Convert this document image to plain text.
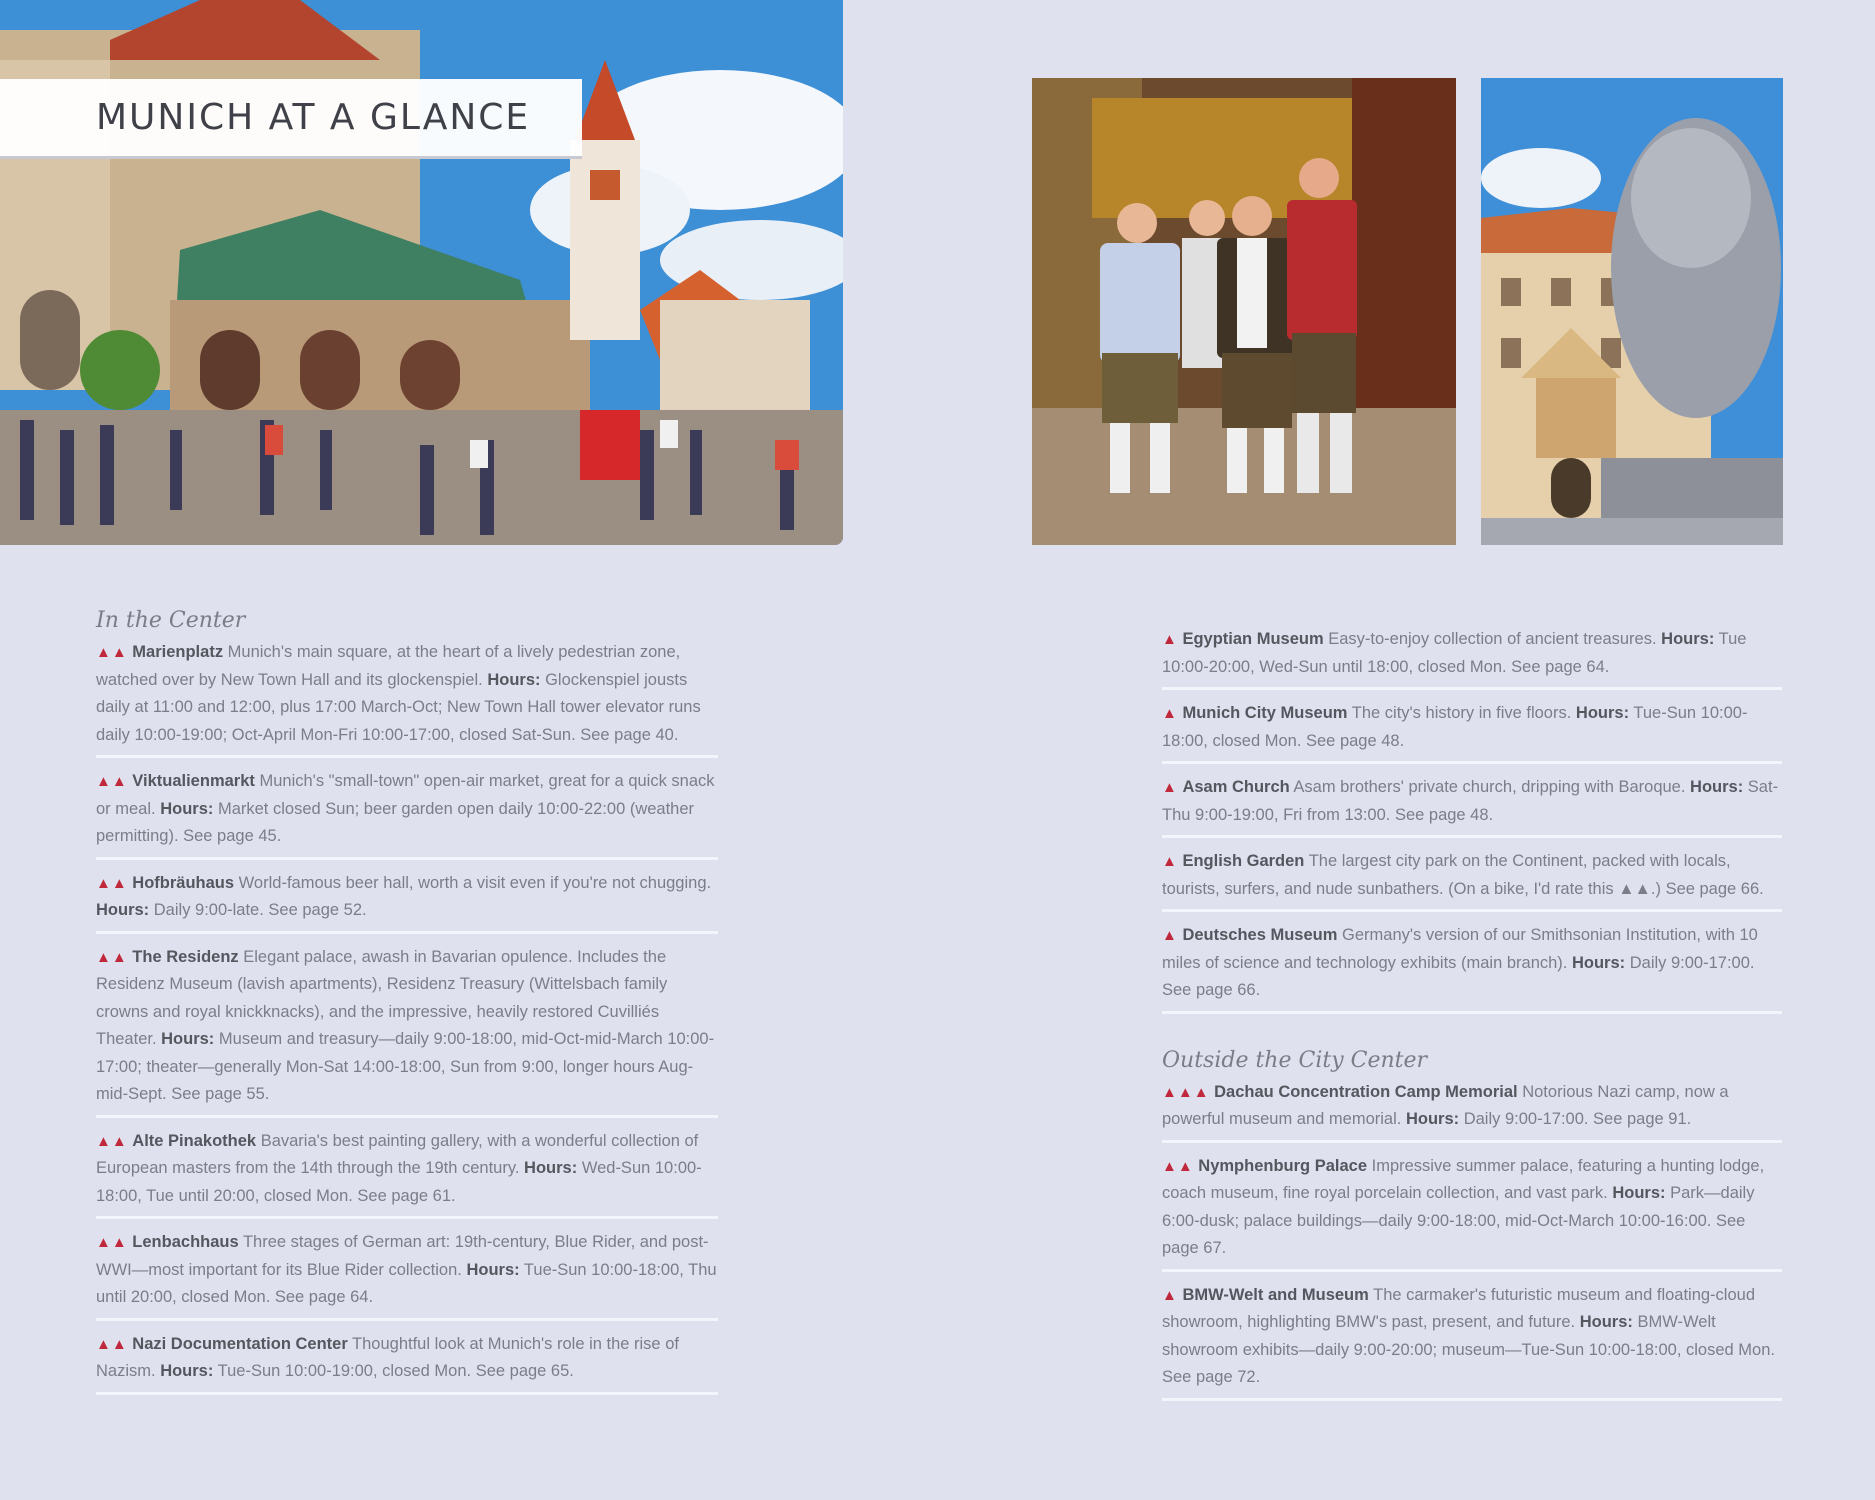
MUNICH AT A GLANCE
In the Center
▲▲ Marienplatz Munich's main square, at the heart of a lively pedestrian zone, watched over by New Town Hall and its glockenspiel. Hours: Glockenspiel jousts daily at 11:00 and 12:00, plus 17:00 March-Oct; New Town Hall tower elevator runs daily 10:00-19:00; Oct-April Mon-Fri 10:00-17:00, closed Sat-Sun. See page 40.
▲▲ Viktualienmarkt Munich's "small-town" open-air market, great for a quick snack or meal. Hours: Market closed Sun; beer garden open daily 10:00-22:00 (weather permitting). See page 45.
▲▲ Hofbräuhaus World-famous beer hall, worth a visit even if you're not chugging. Hours: Daily 9:00-late. See page 52.
▲▲ The Residenz Elegant palace, awash in Bavarian opulence. Includes the Residenz Museum (lavish apartments), Residenz Treasury (Wittelsbach family crowns and royal knickknacks), and the impressive, heavily restored Cuvilliés Theater. Hours: Museum and treasury—daily 9:00-18:00, mid-Oct-mid-March 10:00-17:00; theater—generally Mon-Sat 14:00-18:00, Sun from 9:00, longer hours Aug-mid-Sept. See page 55.
▲▲ Alte Pinakothek Bavaria's best painting gallery, with a wonderful collection of European masters from the 14th through the 19th century. Hours: Wed-Sun 10:00-18:00, Tue until 20:00, closed Mon. See page 61.
▲▲ Lenbachhaus Three stages of German art: 19th-century, Blue Rider, and post-WWI—most important for its Blue Rider collection. Hours: Tue-Sun 10:00-18:00, Thu until 20:00, closed Mon. See page 64.
▲▲ Nazi Documentation Center Thoughtful look at Munich's role in the rise of Nazism. Hours: Tue-Sun 10:00-19:00, closed Mon. See page 65.
▲ Egyptian Museum Easy-to-enjoy collection of ancient treasures. Hours: Tue 10:00-20:00, Wed-Sun until 18:00, closed Mon. See page 64.
▲ Munich City Museum The city's history in five floors. Hours: Tue-Sun 10:00-18:00, closed Mon. See page 48.
▲ Asam Church Asam brothers' private church, dripping with Baroque. Hours: Sat-Thu 9:00-19:00, Fri from 13:00. See page 48.
▲ English Garden The largest city park on the Continent, packed with locals, tourists, surfers, and nude sunbathers. (On a bike, I'd rate this ▲▲.) See page 66.
▲ Deutsches Museum Germany's version of our Smithsonian Institution, with 10 miles of science and technology exhibits (main branch). Hours: Daily 9:00-17:00. See page 66.
Outside the City Center
▲▲▲ Dachau Concentration Camp Memorial Notorious Nazi camp, now a powerful museum and memorial. Hours: Daily 9:00-17:00. See page 91.
▲▲ Nymphenburg Palace Impressive summer palace, featuring a hunting lodge, coach museum, fine royal porcelain collection, and vast park. Hours: Park—daily 6:00-dusk; palace buildings—daily 9:00-18:00, mid-Oct-March 10:00-16:00. See page 67.
▲ BMW-Welt and Museum The carmaker's futuristic museum and floating-cloud showroom, highlighting BMW's past, present, and future. Hours: BMW-Welt showroom exhibits—daily 9:00-20:00; museum—Tue-Sun 10:00-18:00, closed Mon. See page 72.
